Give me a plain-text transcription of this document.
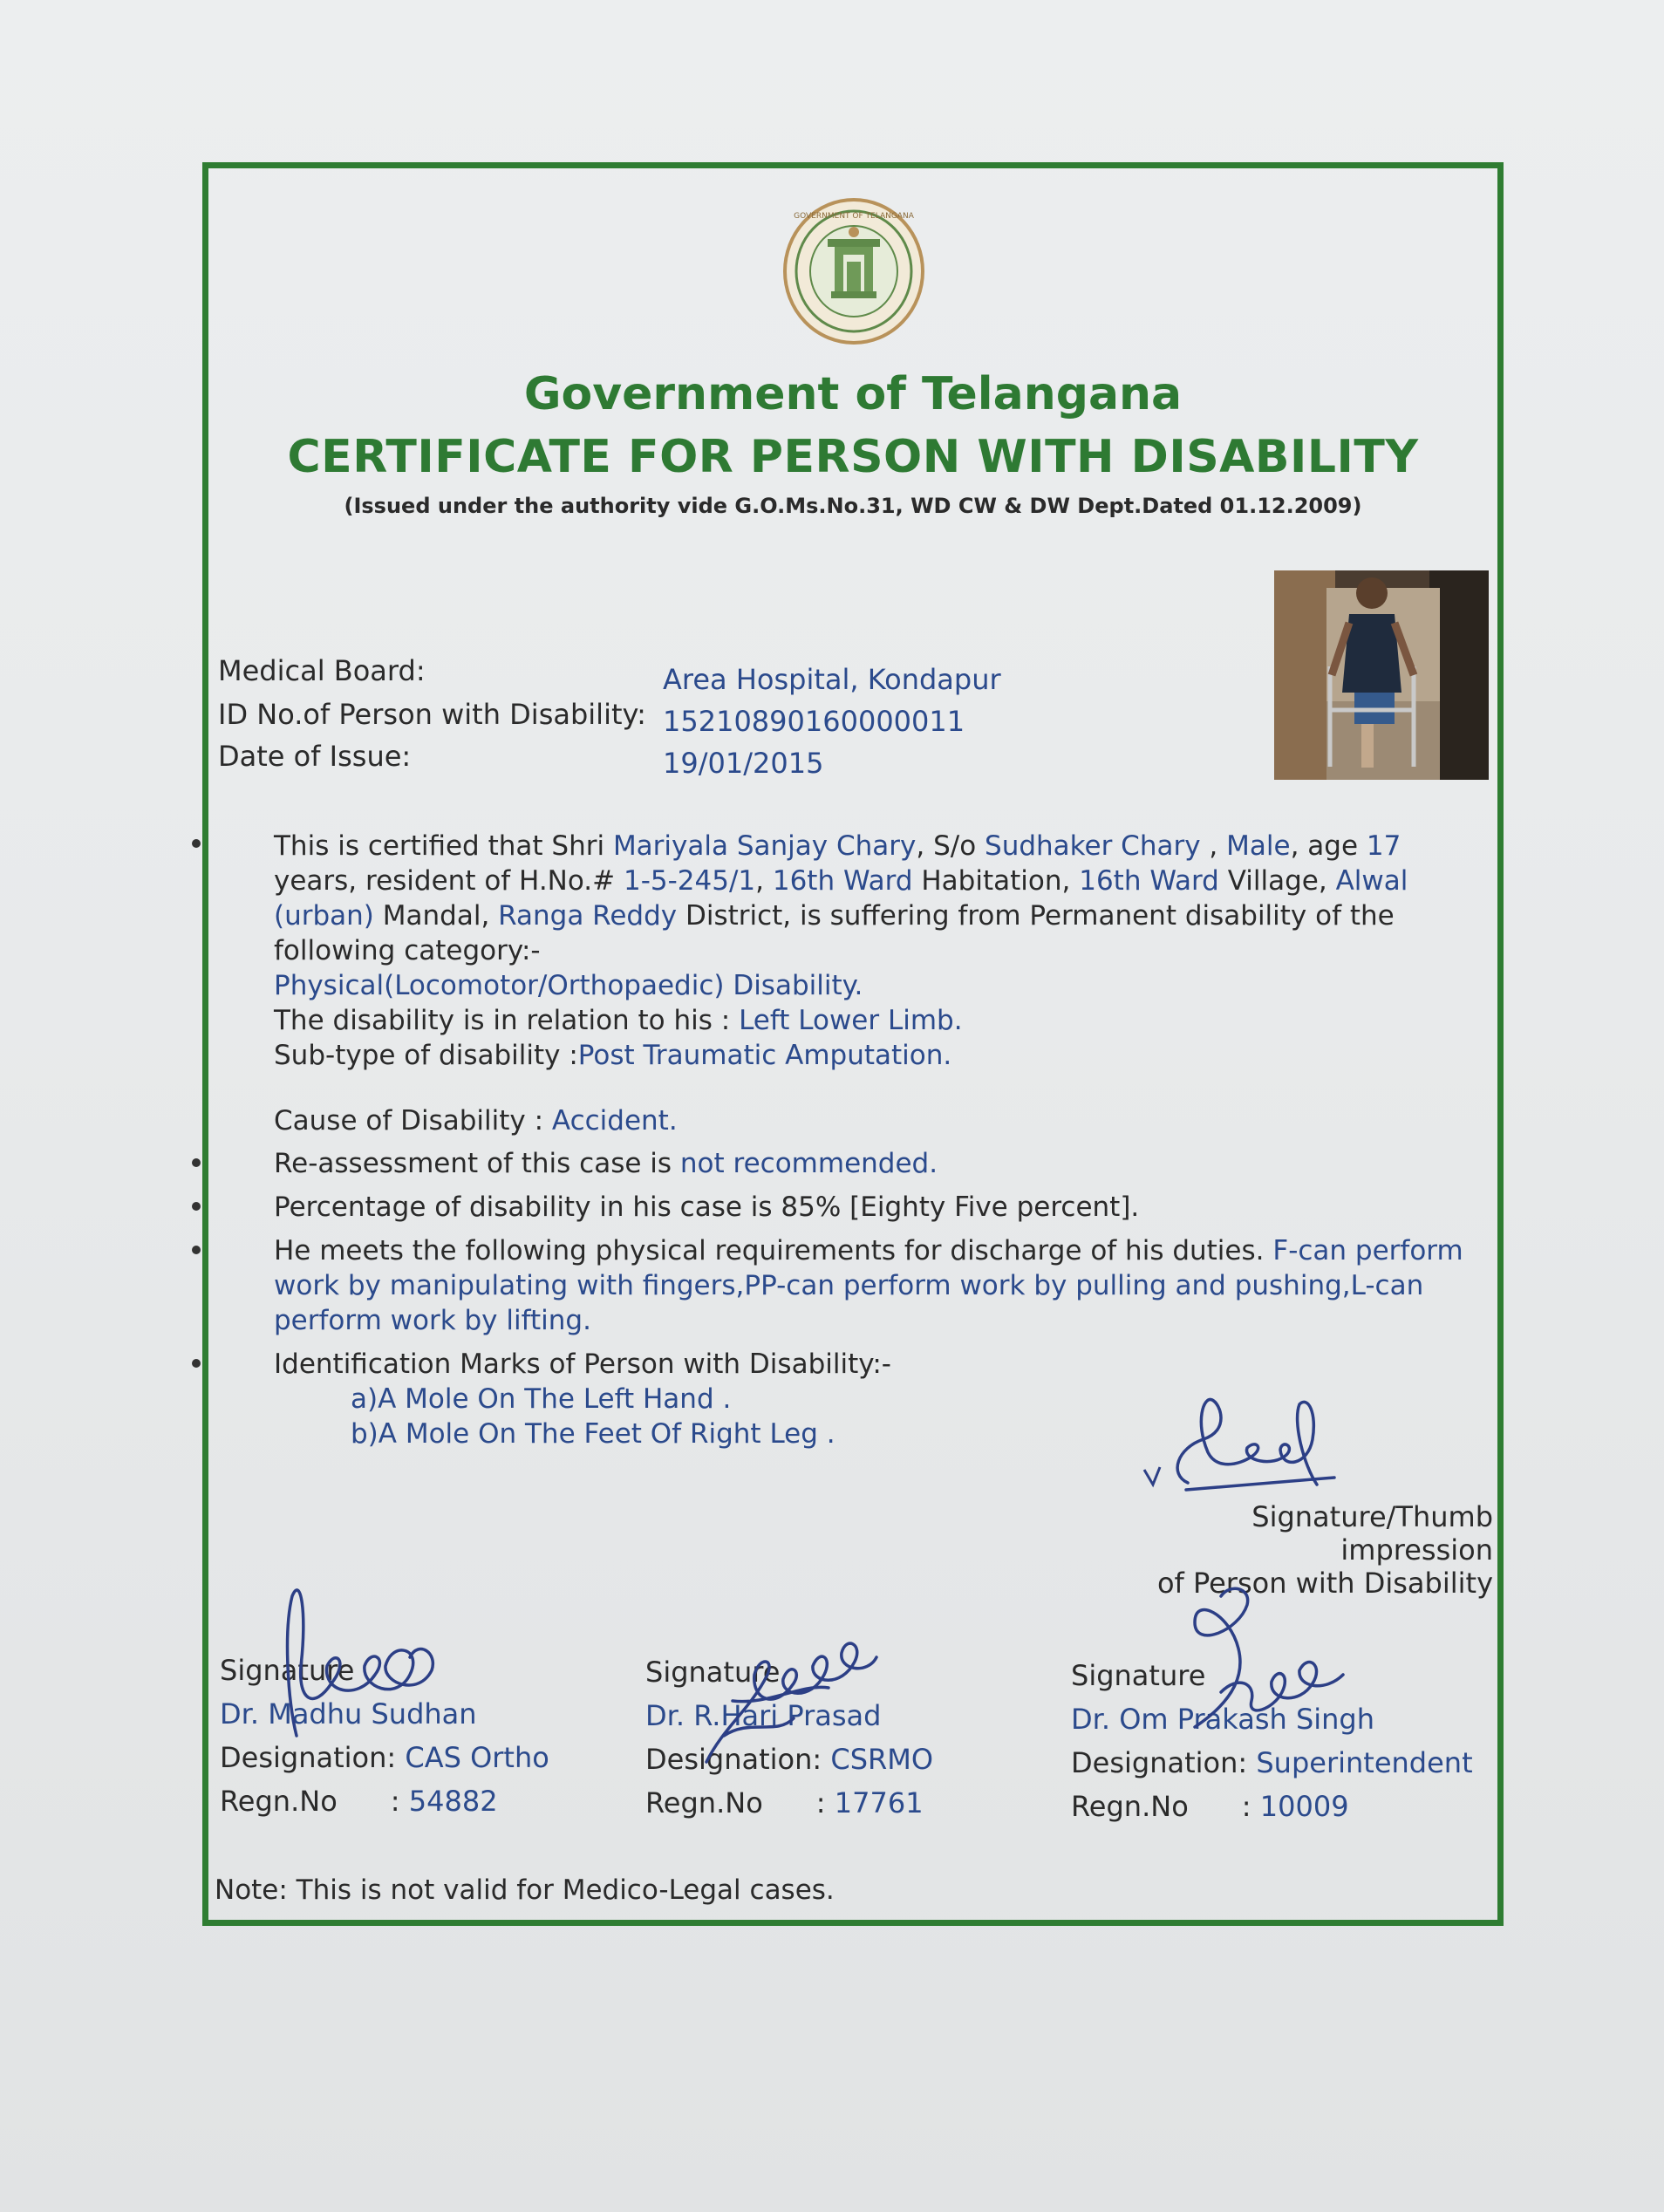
GOVERNMENT OF TELANGANA
Government of Telangana
CERTIFICATE FOR PERSON WITH DISABILITY
(Issued under the authority vide G.O.Ms.No.31, WD CW & DW Dept.Dated 01.12.2009)
Medical Board:	Area Hospital, Kondapur
ID No.of Person with Disability: 15210890160000011
Date of Issue:	19/01/2015
This is certified that Shri Mariyala Sanjay Chary, S/o Sudhaker Chary , Male, age 17 years, resident of H.No.# 1-5-245/1, 16th Ward Habitation, 16th Ward Village, Alwal (urban) Mandal, Ranga Reddy District, is suffering from Permanent disability of the following category:-
Physical(Locomotor/Orthopaedic) Disability.
The disability is in relation to his : Left Lower Limb.
Sub-type of disability :Post Traumatic Amputation.
Cause of Disability : Accident.
Re-assessment of this case is not recommended.
Percentage of disability in his case is 85% [Eighty Five percent].
He meets the following physical requirements for discharge of his duties. F-can perform work by manipulating with fingers,PP-can perform work by pulling and pushing,L-can perform work by lifting.
Identification Marks of Person with Disability:-
a)A Mole On The Left Hand .
b)A Mole On The Feet Of Right Leg .
Signature/Thumb impression
of Person with Disability
Signature
Dr. Madhu Sudhan
Designation: CAS Ortho
Regn.No      : 54882
Signature
Dr. R.Hari Prasad
Designation: CSRMO
Regn.No      : 17761
Signature
Dr. Om Prakash Singh
Designation: Superintendent
Regn.No      : 10009
Note: This is not valid for Medico-Legal cases.
